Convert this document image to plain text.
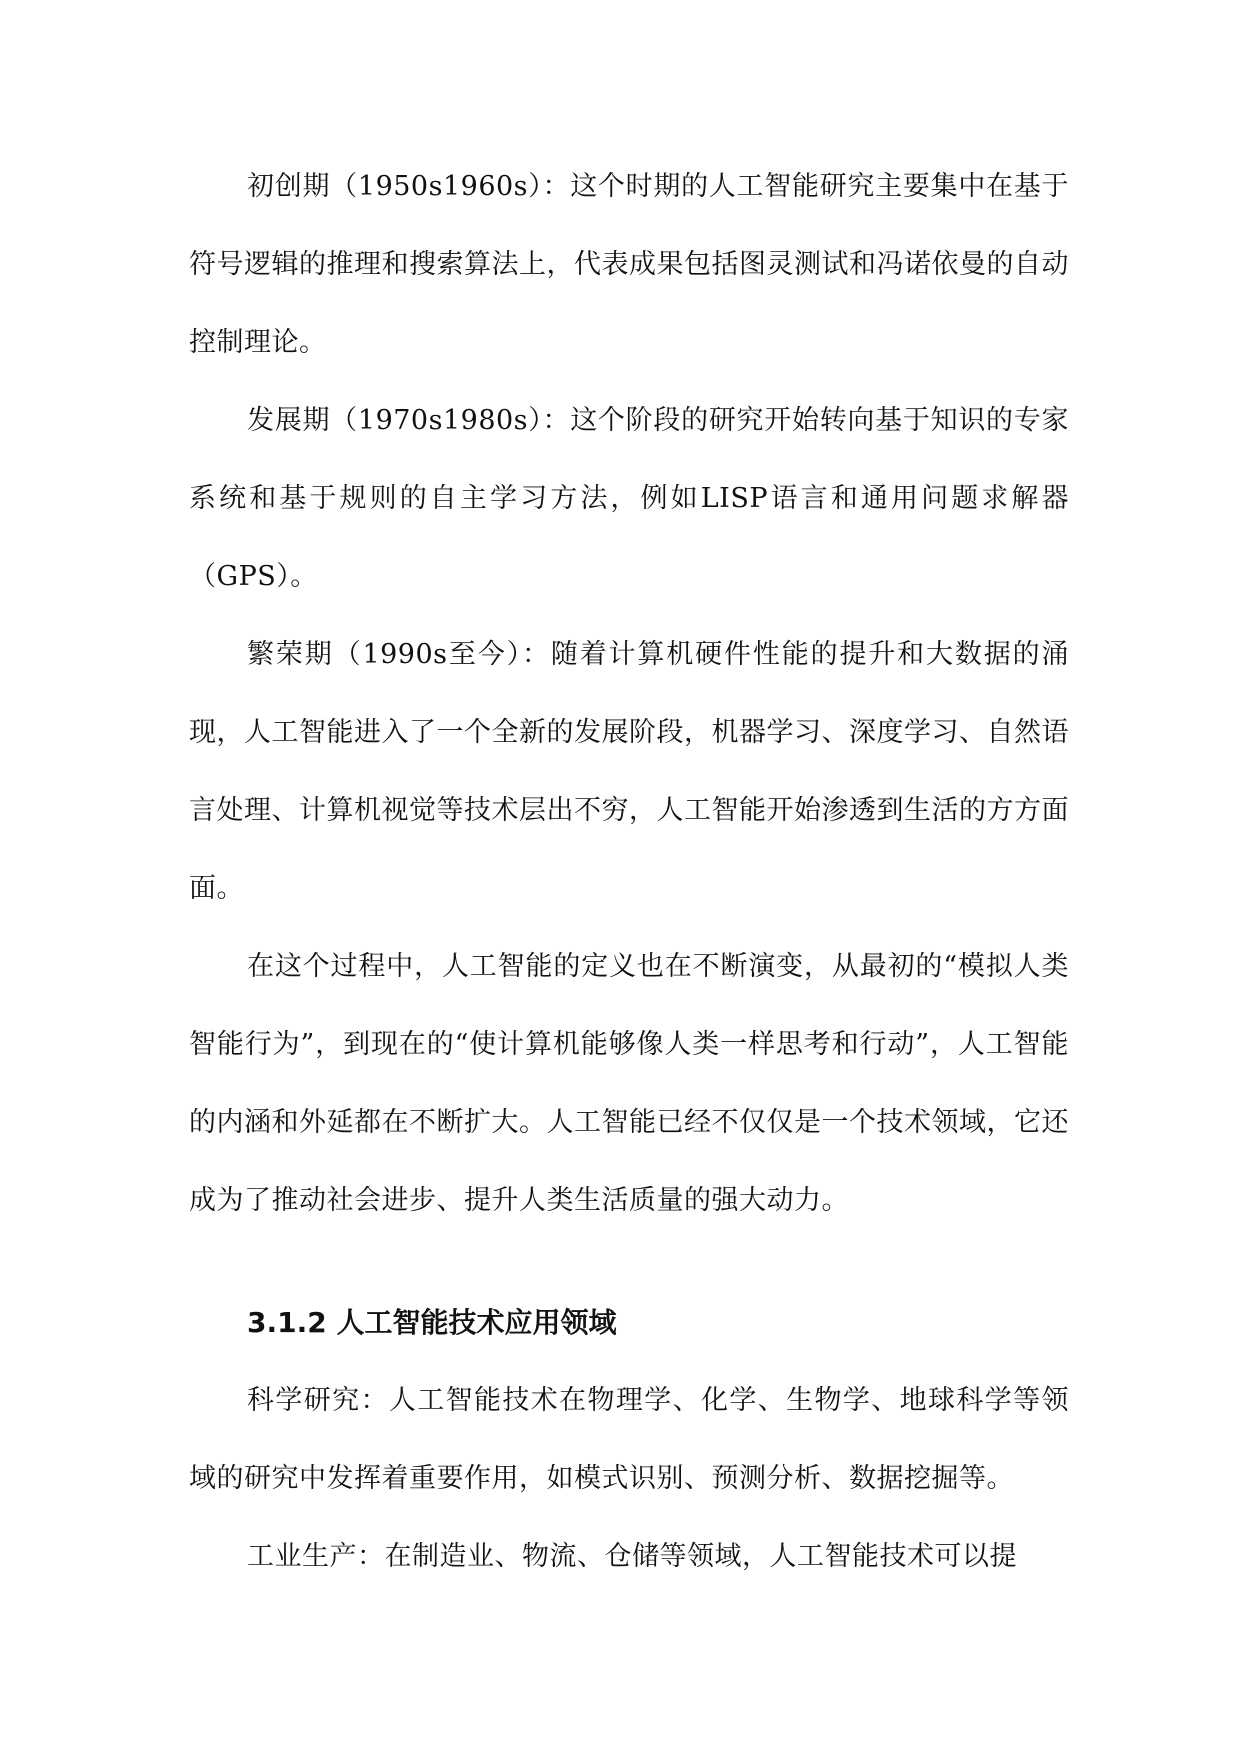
初创期（1950s1960s）：这个时期的人工智能研究主要集中在基于符号逻辑的推理和搜索算法上，代表成果包括图灵测试和冯诺依曼的自动控制理论。

发展期（1970s1980s）：这个阶段的研究开始转向基于知识的专家系统和基于规则的自主学习方法，例如LISP语言和通用问题求解器（GPS）。

繁荣期（1990s至今）：随着计算机硬件性能的提升和大数据的涌现，人工智能进入了一个全新的发展阶段，机器学习、深度学习、自然语言处理、计算机视觉等技术层出不穷，人工智能开始渗透到生活的方方面面。

在这个过程中，人工智能的定义也在不断演变，从最初的“模拟人类智能行为”，到现在的“使计算机能够像人类一样思考和行动”，人工智能的内涵和外延都在不断扩大。人工智能已经不仅仅是一个技术领域，它还成为了推动社会进步、提升人类生活质量的强大动力。

3.1.2 人工智能技术应用领域

科学研究：人工智能技术在物理学、化学、生物学、地球科学等领域的研究中发挥着重要作用，如模式识别、预测分析、数据挖掘等。

工业生产：在制造业、物流、仓储等领域，人工智能技术可以提
